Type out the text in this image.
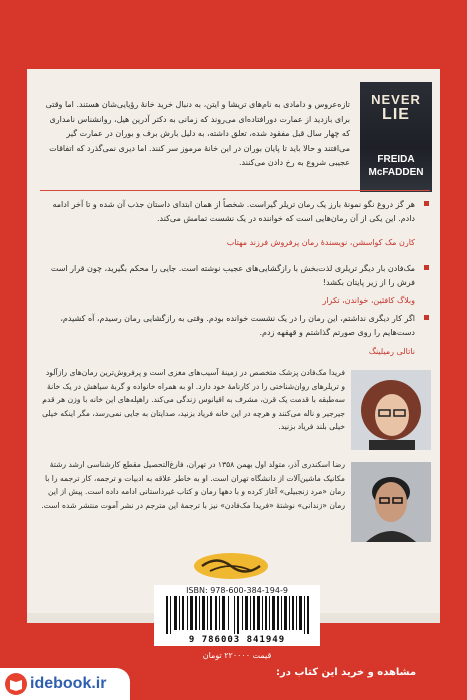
NEVER
LIE
FREIDA
McFADDEN
تازه‌عروس و دامادی به نام‌های تریشا و ایتن، به دنبال خرید خانهٔ رؤیایی‌شان هستند. اما وقتی برای بازدید از عمارت دورافتاده‌ای می‌روند که زمانی به دکتر آدرین هیل، روانشناس نامداری که چهار سال قبل مفقود شده، تعلق داشته، به دلیل بارش برف و بوران در عمارت گیر می‌افتند و حالا باید تا پایان بوران در این خانهٔ مرموز سر کنند. اما دیری نمی‌گذرد که اتفاقات عجیبی شروع به رخ دادن می‌کنند.
هر گز دروغ نگو نمونهٔ بارز یک رمان تریلر گیراست. شخصاً از همان ابتدای داستان جذب آن شده و تا آخر ادامه دادم. این یکی از آن رمان‌هایی است که خواننده در یک نشست تمامش می‌کند.
کارن مک کواسشن، نویسندهٔ رمان پرفروش فرزند مهتاب
مک‌فادن بار دیگر تریلری لذت‌بخش با رازگشایی‌های عجیب نوشته است. جایی را محکم بگیرید، چون قرار است فرش را از زیر پایتان بکشد!
وبلاگ کافئین، خواندن، تکرار
اگر کار دیگری نداشتم، این رمان را در یک نشست خوانده بودم. وقتی به رازگشایی رمان رسیدم، آه کشیدم، دست‌هایم را روی صورتم گذاشتم و قهقهه زدم.
ناتالی رمیلینگ
فریدا مک‌فادن پزشک متخصص در زمینهٔ آسیب‌های مغزی است و پرفروش‌ترین رمان‌های رازآلود و تریلرهای روان‌شناختی را در کارنامهٔ خود دارد. او به همراه خانواده و گربهٔ سیاهش در یک خانهٔ سه‌طبقه با قدمت یک قرن، مشرف به اقیانوس زندگی می‌کند. راهپله‌های این خانه با وزن هر قدم جیرجیر و ناله می‌کنند و هرچه در این خانه فریاد بزنید، صدایتان به جایی نمی‌رسد، مگر اینکه خیلی خیلی بلند فریاد بزنید.
رضا اسکندری آذر، متولد اول بهمن ۱۳۵۸ در تهران، فارغ‌التحصیل مقطع کارشناسی ارشد رشتهٔ مکانیک ماشین‌آلات از دانشگاه تهران است. او به خاطر علاقه به ادبیات و ترجمه، کار ترجمه را با رمان «مرد زنجبیلی» آغاز کرده و با دهها رمان و کتاب غیرداستانی ادامه داده است. پیش از این رمان «زندانی» نوشتهٔ «فریدا مک‌فادن» نیز با ترجمهٔ این مترجم در نشر آموت منتشر شده است.
ISBN: 978-600-384-194-9
9 786003 841949
قیمت ۲۲۰۰۰۰ تومان
مشاهده و خرید این کتاب در:
idebook.ir
